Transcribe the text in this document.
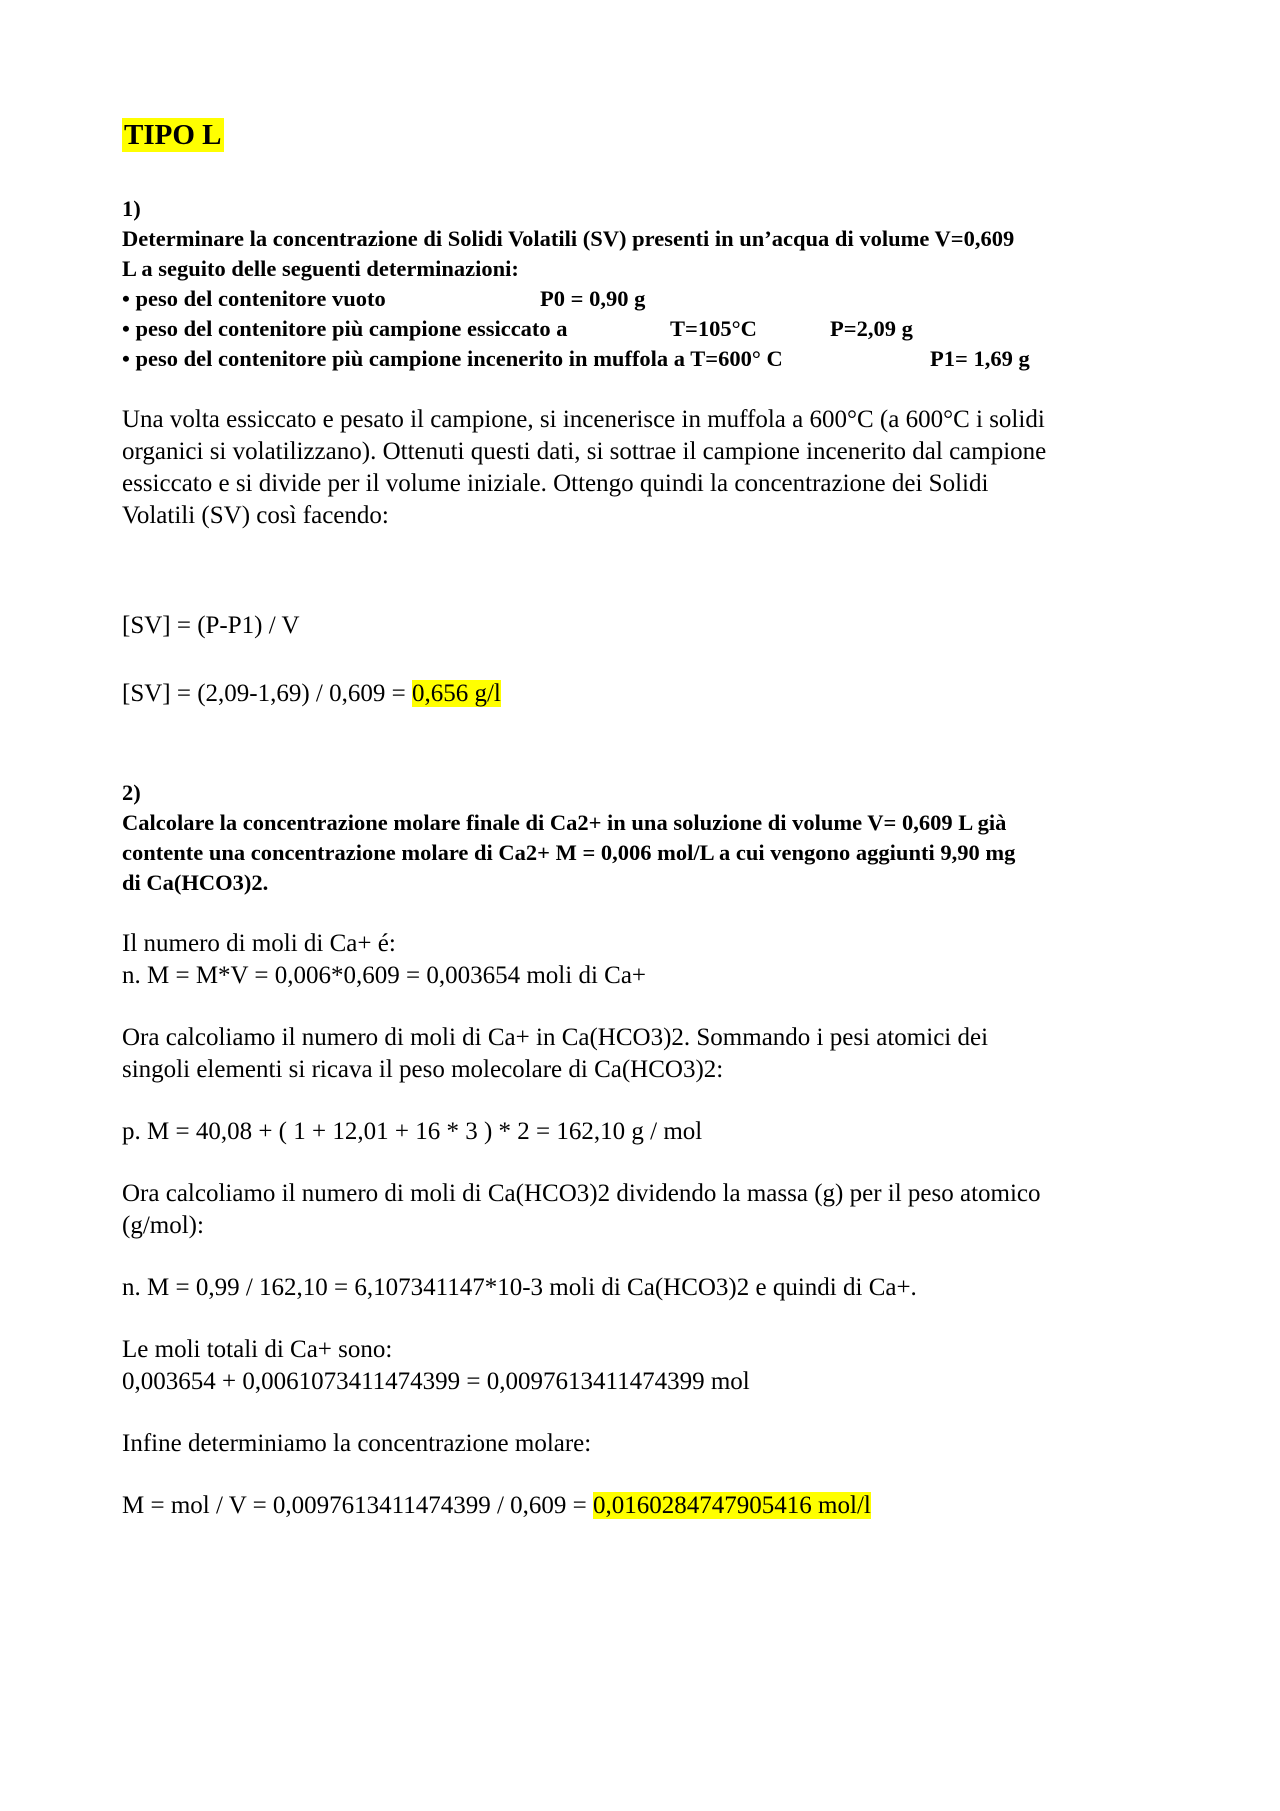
TIPO L

1)

Determinare la concentrazione di Solidi Volatili (SV) presenti in un’acqua di volume V=0,609

L a seguito delle seguenti determinazioni:

• peso del contenitore vuoto	P0 = 0,90 g

• peso del contenitore più campione essiccato a	T=105°C	P=2,09 g

• peso del contenitore più campione incenerito in muffola a T=600° C	P1= 1,69 g

Una volta essiccato e pesato il campione, si incenerisce in muffola a 600°C (a 600°C i solidi

organici si volatilizzano). Ottenuti questi dati, si sottrae il campione incenerito dal campione

essiccato e si divide per il volume iniziale. Ottengo quindi la concentrazione dei Solidi

Volatili (SV) così facendo:

[SV] = (P-P1) / V

[SV] = (2,09-1,69) / 0,609 = 0,656 g/l

2)

Calcolare la concentrazione molare finale di Ca2+ in una soluzione di volume V= 0,609 L già

contente una concentrazione molare di Ca2+ M = 0,006 mol/L a cui vengono aggiunti 9,90 mg

di Ca(HCO3)2.

Il numero di moli di Ca+ é:

n. M = M*V = 0,006*0,609 = 0,003654 moli di Ca+

Ora calcoliamo il numero di moli di Ca+ in Ca(HCO3)2. Sommando i pesi atomici dei

singoli elementi si ricava il peso molecolare di Ca(HCO3)2:

p. M = 40,08 + ( 1 + 12,01 + 16 * 3 ) * 2 = 162,10 g / mol

Ora calcoliamo il numero di moli di Ca(HCO3)2 dividendo la massa (g) per il peso atomico

(g/mol):

n. M = 0,99 / 162,10 = 6,107341147*10-3 moli di Ca(HCO3)2 e quindi di Ca+.

Le moli totali di Ca+ sono:

0,003654 + 0,0061073411474399 = 0,0097613411474399 mol

Infine determiniamo la concentrazione molare:

M = mol / V = 0,0097613411474399 / 0,609 = 0,0160284747905416 mol/l
